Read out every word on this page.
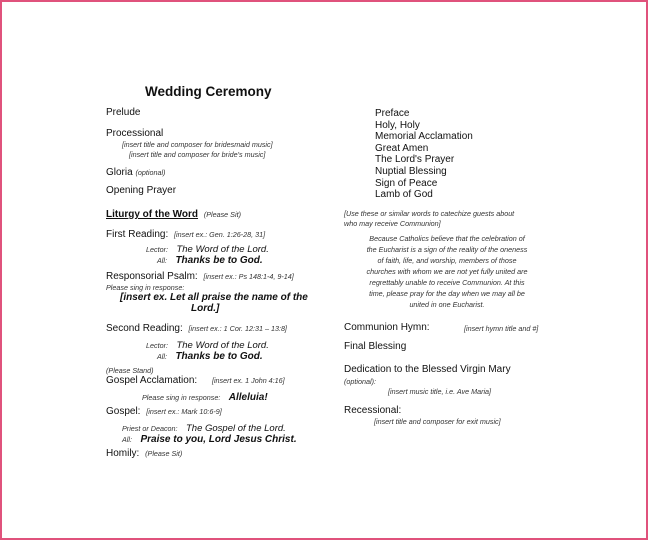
Wedding Ceremony
Prelude
Processional
[insert title and composer for bridesmaid music]
[insert title and composer for bride's music]
Gloria (optional)
Opening Prayer
Liturgy of the Word (Please Sit)
First Reading: [insert ex.: Gen. 1:26-28, 31]
Lector: The Word of the Lord.
All: Thanks be to God.
Responsorial Psalm: [insert ex.: Ps 148:1-4, 9-14]
Please sing in response:
[insert ex. Let all praise the name of the
Lord.]
Second Reading: [insert ex.: 1 Cor. 12:31 – 13:8]
Lector: The Word of the Lord.
All: Thanks be to God.
(Please Stand)
Gospel Acclamation: [insert ex. 1 John 4:16]
Please sing in response: Alleluia!
Gospel: [insert ex.: Mark 10:6-9]
Priest or Deacon: The Gospel of the Lord.
All: Praise to you, Lord Jesus Christ.
Homily: (Please Sit)
Preface
Holy, Holy
Memorial Acclamation
Great Amen
The Lord's Prayer
Nuptial Blessing
Sign of Peace
Lamb of God
[Use these or similar words to catechize guests about
who may receive Communion]
Because Catholics believe that the celebration of
the Eucharist is a sign of the reality of the oneness
of faith, life, and worship, members of those
churches with whom we are not yet fully united are
regrettably unable to receive Communion. At this
time, please pray for the day when we may all be
united in one Eucharist.
Communion Hymn:	[insert hymn title and #]
Final Blessing
Dedication to the Blessed Virgin Mary
(optional):
[insert music title, i.e. Ave Maria]
Recessional:
[insert title and composer for exit music]
